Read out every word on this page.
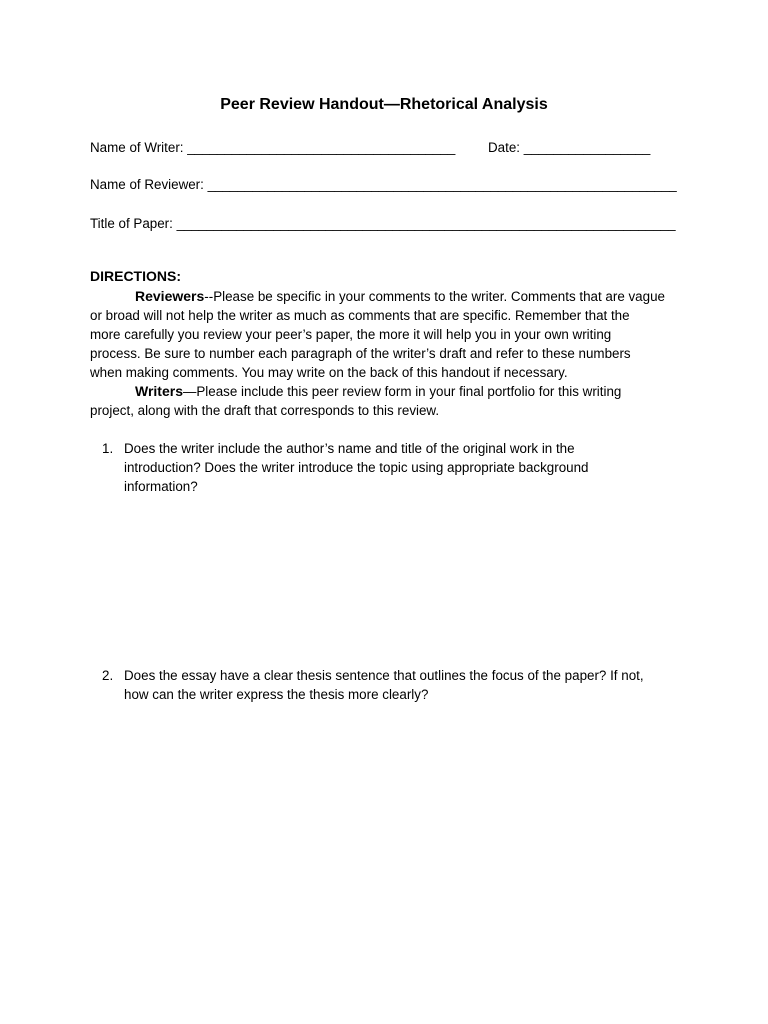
Peer Review Handout—Rhetorical Analysis
Name of Writer: ____________________________________ Date: _________________
Name of Reviewer: _______________________________________________________________
Title of Paper: ___________________________________________________________________
DIRECTIONS:
Reviewers--Please be specific in your comments to the writer. Comments that are vague
or broad will not help the writer as much as comments that are specific. Remember that the
more carefully you review your peer’s paper, the more it will help you in your own writing
process. Be sure to number each paragraph of the writer’s draft and refer to these numbers
when making comments. You may write on the back of this handout if necessary.
Writers—Please include this peer review form in your final portfolio for this writing
project, along with the draft that corresponds to this review.
1. Does the writer include the author’s name and title of the original work in the
introduction? Does the writer introduce the topic using appropriate background
information?
2. Does the essay have a clear thesis sentence that outlines the focus of the paper? If not,
how can the writer express the thesis more clearly?
